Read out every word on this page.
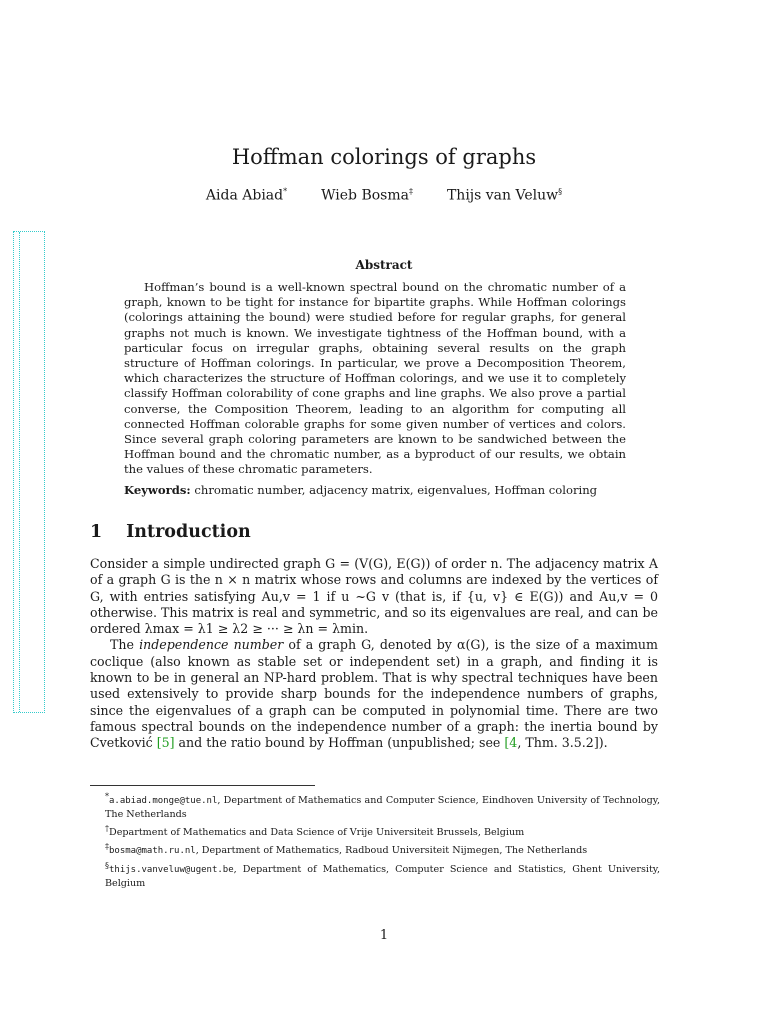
Hoffman colorings of graphs
Aida Abiad* Wieb Bosma‡ Thijs van Veluw§
Abstract

Hoffman’s bound is a well-known spectral bound on the chromatic number of a graph, known to be tight for instance for bipartite graphs. While Hoffman colorings (colorings attaining the bound) were studied before for regular graphs, for general graphs not much is known. We investigate tightness of the Hoffman bound, with a particular focus on irregular graphs, obtaining several results on the graph structure of Hoffman colorings. In particular, we prove a Decomposition Theorem, which characterizes the structure of Hoffman colorings, and we use it to completely classify Hoffman colorability of cone graphs and line graphs. We also prove a partial converse, the Composition Theorem, leading to an algorithm for computing all connected Hoffman colorable graphs for some given number of vertices and colors. Since several graph coloring parameters are known to be sandwiched between the Hoffman bound and the chromatic number, as a byproduct of our results, we obtain the values of these chromatic parameters.

Keywords: chromatic number, adjacency matrix, eigenvalues, Hoffman coloring
1 Introduction

Consider a simple undirected graph G = (V(G), E(G)) of order n. The adjacency matrix A of a graph G is the n × n matrix whose rows and columns are indexed by the vertices of G, with entries satisfying Au,v = 1 if u ~G v (that is, if {u, v} ∈ E(G)) and Au,v = 0 otherwise. This matrix is real and symmetric, and so its eigenvalues are real, and can be ordered λmax = λ1 ≥ λ2 ≥ ··· ≥ λn = λmin.

The independence number of a graph G, denoted by α(G), is the size of a maximum coclique (also known as stable set or independent set) in a graph, and finding it is known to be in general an NP-hard problem. That is why spectral techniques have been used extensively to provide sharp bounds for the independence numbers of graphs, since the eigenvalues of a graph can be computed in polynomial time. There are two famous spectral bounds on the independence number of a graph: the inertia bound by Cvetković [5] and the ratio bound by Hoffman (unpublished; see [4, Thm. 3.5.2]).

*a.abiad.monge@tue.nl, Department of Mathematics and Computer Science, Eindhoven University of Technology, The Netherlands

†Department of Mathematics and Data Science of Vrije Universiteit Brussels, Belgium

‡bosma@math.ru.nl, Department of Mathematics, Radboud Universiteit Nijmegen, The Netherlands

§thijs.vanveluw@ugent.be, Department of Mathematics, Computer Science and Statistics, Ghent University, Belgium

1
